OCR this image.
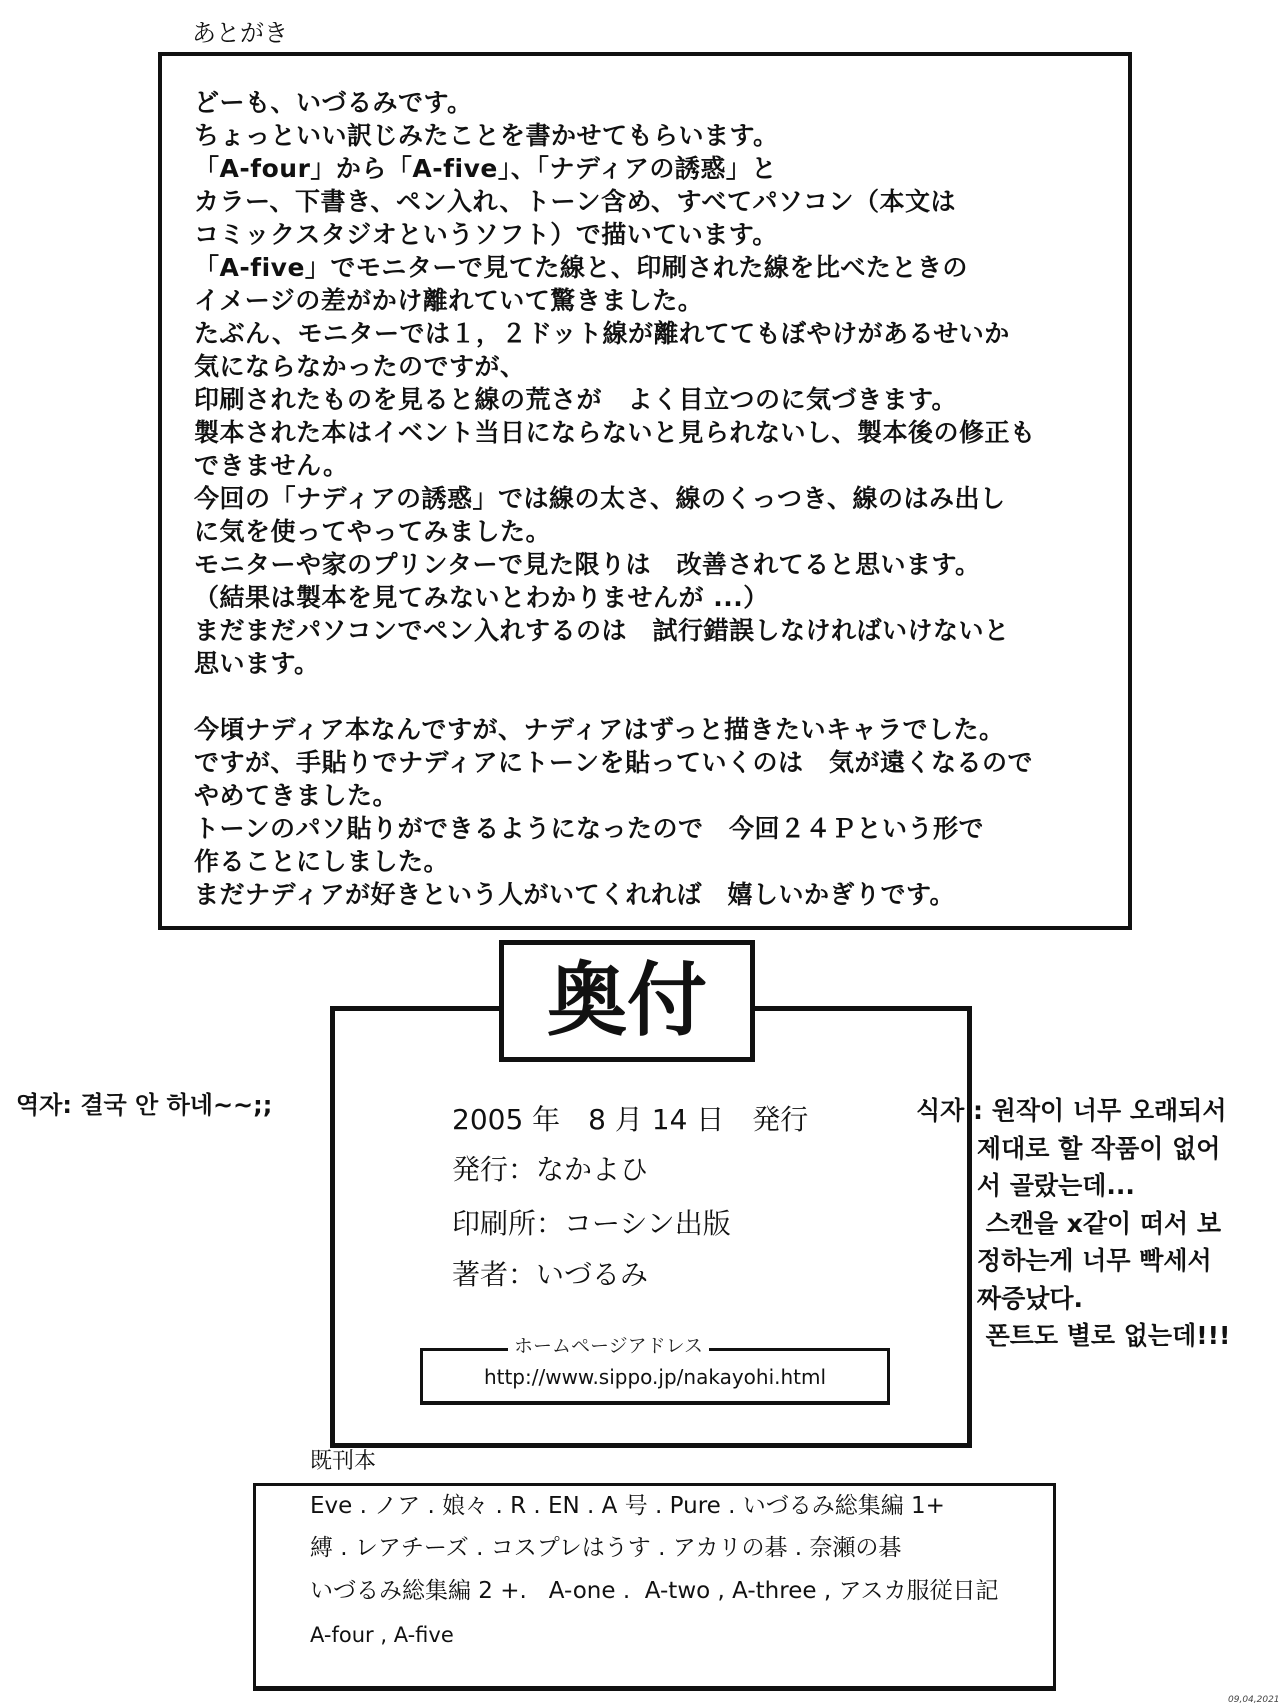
あとがき
どーも、いづるみです。
ちょっといい訳じみたことを書かせてもらいます。
「A-four」から「A-five」、「ナディアの誘惑」と
カラー、下書き、ペン入れ、トーン含め、すべてパソコン（本文は
コミックスタジオというソフト）で描いています。
「A-five」でモニターで見てた線と、印刷された線を比べたときの
イメージの差がかけ離れていて驚きました。
たぶん、モニターでは１，２ドット線が離れててもぼやけがあるせいか
気にならなかったのですが、
印刷されたものを見ると線の荒さが　よく目立つのに気づきます。
製本された本はイベント当日にならないと見られないし、製本後の修正も
できません。
今回の「ナディアの誘惑」では線の太さ、線のくっつき、線のはみ出し
に気を使ってやってみました。
モニターや家のプリンターで見た限りは　改善されてると思います。
（結果は製本を見てみないとわかりませんが ...）
まだまだパソコンでペン入れするのは　試行錯誤しなければいけないと
思います。
今頃ナディア本なんですが、ナディアはずっと描きたいキャラでした。
ですが、手貼りでナディアにトーンを貼っていくのは　気が遠くなるので
やめてきました。
トーンのパソ貼りができるようになったので　今回２４Ｐという形で
作ることにしました。
まだナディアが好きという人がいてくれれば　嬉しいかぎりです。
奥付
2005 年　8 月 14 日　発行
発行：なかよひ
印刷所：コーシン出版
著者：いづるみ
ホームページアドレス
http://www.sippo.jp/nakayohi.html
역자: 결국 안 하네~~;;	식자 : 원작이 너무 오래되서
제대로 할 작품이 없어
서 골랐는데...
스캔을 x같이 떠서 보
정하는게 너무 빡세서
짜증났다.
폰트도 별로 없는데!!!
既刊本
Eve . ノア . 娘々 . R . EN . A 号 . Pure . いづるみ総集編 1+
縛 . レアチーズ . コスプレはうす . アカリの碁 . 奈瀬の碁
いづるみ総集編 2 +.   A-one .  A-two , A-three , アスカ服従日記
A-four , A-five
09,04,2021
